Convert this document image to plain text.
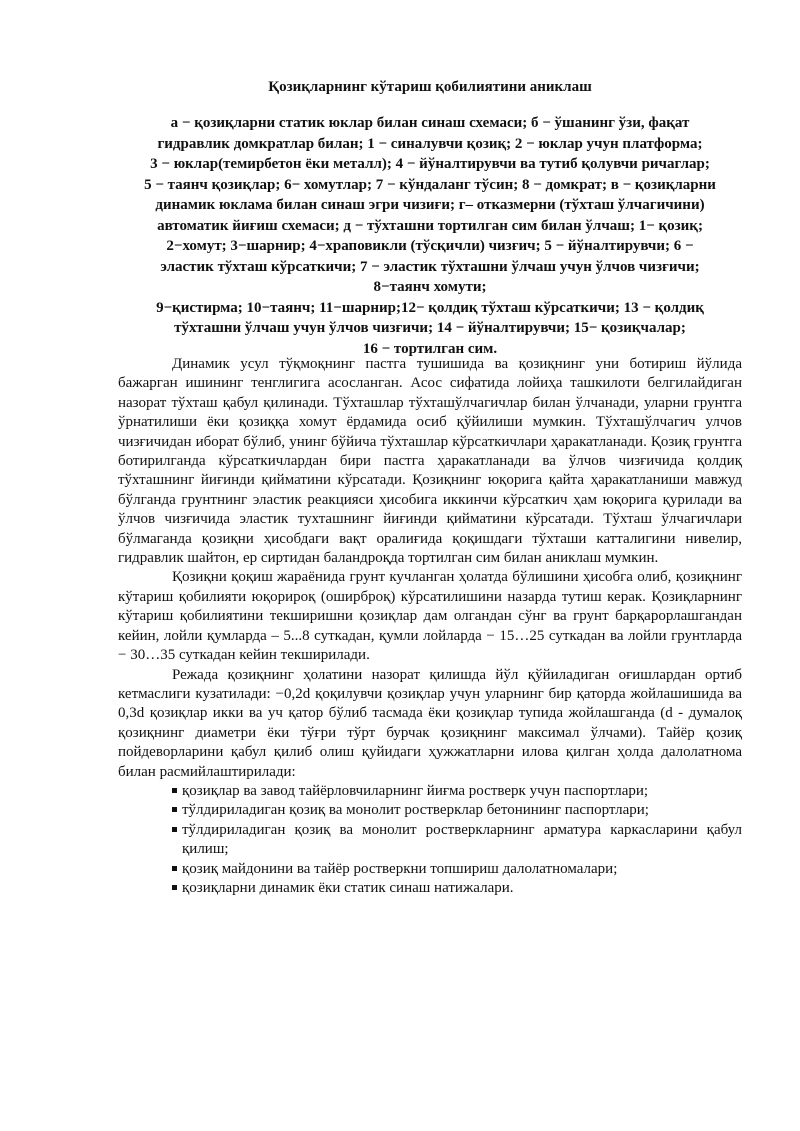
Қозиқларнинг кўтариш қобилиятини аниклаш
а − қозиқларни статик юклар билан синаш схемаси; б − ўшанинг ўзи, фақат
гидравлик домкратлар билан; 1 − синалувчи қозиқ; 2 − юклар учун платформа;
3 − юклар(темирбетон ёки металл); 4 − йўналтирувчи ва тутиб қолувчи ричаглар;
5 − таянч қозиқлар; 6− хомутлар; 7 − кўндаланг тўсин; 8 − домкрат; в − қозиқларни
динамик юклама билан синаш эгри чизиғи; г– отказмерни (тўхташ ўлчагичини)
автоматик йиғиш схемаси; д − тўхташни тортилган сим билан ўлчаш; 1− қозиқ;
2−хомут; 3−шарнир; 4−храповикли (тўсқичли) чизғич; 5 − йўналтирувчи; 6 −
эластик тўхташ кўрсаткичи; 7 − эластик тўхташни ўлчаш учун ўлчов чизғичи;
8−таянч хомути;
9−қистирма; 10−таянч; 11−шарнир;12− қолдиқ тўхташ кўрсаткичи; 13 − қолдиқ
тўхташни ўлчаш учун ўлчов чизғичи; 14 − йўналтирувчи; 15− қозиқчалар;
16 − тортилган сим.

Динамик усул тўқмоқнинг пастга тушишида ва қозиқнинг уни ботириш йўлида бажарган ишининг тенглигига асосланган. Асос сифатида лойиҳа ташкилоти белгилайдиган назорат тўхташ қабул қилинади. Тўхташлар тўхташўлчагичлар билан ўлчанади, уларни грунтга ўрнатилиши ёки қозиққа хомут ёрдамида осиб қўйилиши мумкин. Тўхташўлчагич улчов чизғичидан иборат бўлиб, унинг бўйича тўхташлар кўрсаткичлари ҳаракатланади. Қозиқ грунтга ботирилганда кўрсаткичлардан бири пастга ҳаракатланади ва ўлчов чизғичида қолдиқ тўхташнинг йиғинди қийматини кўрсатади. Қозиқнинг юқорига қайта ҳаракатланиши мавжуд бўлганда грунтнинг эластик реакцияси ҳисобига иккинчи кўрсаткич ҳам юқорига қурилади ва ўлчов чизғичида эластик тухташнинг йиғинди қийматини кўрсатади. Тўхташ ўлчагичлари бўлмаганда қозиқни ҳисобдаги вақт оралиғида қоқишдаги тўхташи катталигини нивелир, гидравлик шайтон, ер сиртидан баландроқда тортилган сим билан аниклаш мумкин.

Қозиқни қоқиш жараёнида грунт кучланган ҳолатда бўлишини ҳисобга олиб, қозиқнинг кўтариш қобилияти юқорироқ (оширброқ) кўрсатилишини назарда тутиш керак. Қозиқларнинг кўтариш қобилиятини текширишни қозиқлар дам олгандан сўнг ва грунт барқарорлашгандан кейин, лойли қумларда – 5...8 суткадан, қумли лойларда − 15…25 суткадан ва лойли грунтларда − 30…35 суткадан кейин текширилади.

Режада қозиқнинг ҳолатини назорат қилишда йўл қўйиладиган оғишлардан ортиб кетмаслиги кузатилади: −0,2d қоқилувчи қозиқлар учун уларнинг бир қаторда жойлашишида ва 0,3d қозиқлар икки ва уч қатор бўлиб тасмада ёки қозиқлар тупида жойлашганда (d - думалоқ қозиқнинг диаметри ёки тўғри тўрт бурчак қозиқнинг максимал ўлчами). Тайёр қозиқ пойдеворларини қабул қилиб олиш қуйидаги ҳужжатларни илова қилган ҳолда далолатнома билан расмийлаштирилади:

қозиқлар ва завод тайёрловчиларнинг йиғма ростверк учун паспортлари;
тўлдириладиган қозиқ ва монолит ростверклар бетонининг паспортлари;
тўлдириладиган қозиқ ва монолит ростверкларнинг арматура каркасларини қабул қилиш;
қозиқ майдонини ва тайёр ростверкни топшириш далолатномалари;
қозиқларни динамик ёки статик синаш натижалари.
